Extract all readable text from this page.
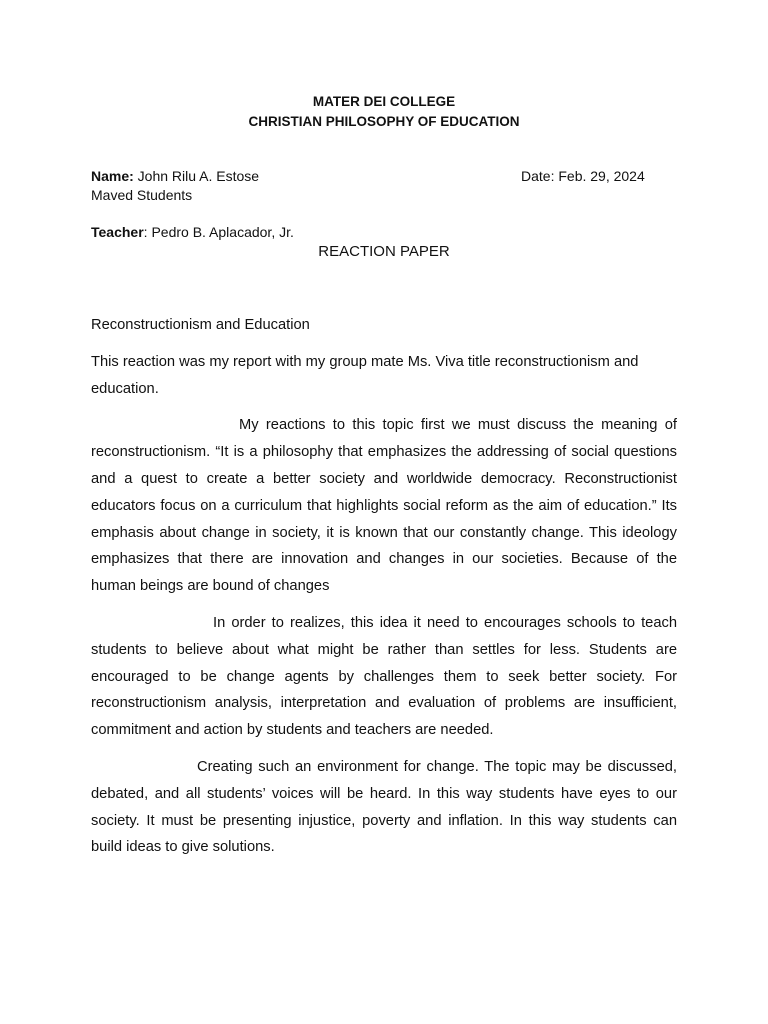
MATER DEI COLLEGE
CHRISTIAN PHILOSOPHY OF EDUCATION
Name: John Rilu A. Estose	Date: Feb. 29, 2024
Maved Students
Teacher: Pedro B. Aplacador, Jr.
REACTION PAPER

Reconstructionism and Education

This reaction was my report with my group mate Ms. Viva title reconstructionism and education.

My reactions to this topic first we must discuss the meaning of reconstructionism. “It is a philosophy that emphasizes the addressing of social questions and a quest to create a better society and worldwide democracy. Reconstructionist educators focus on a curriculum that highlights social reform as the aim of education.” Its emphasis about change in society, it is known that our constantly change. This ideology emphasizes that there are innovation and changes in our societies. Because of the human beings are bound of changes

In order to realizes, this idea it need to encourages schools to teach students to believe about what might be rather than settles for less. Students are encouraged to be change agents by challenges them to seek better society. For reconstructionism analysis, interpretation and evaluation of problems are insufficient, commitment and action by students and teachers are needed.

Creating such an environment for change. The topic may be discussed, debated, and all students’ voices will be heard. In this way students have eyes to our society. It must be presenting injustice, poverty and inflation. In this way students can build ideas to give solutions.
